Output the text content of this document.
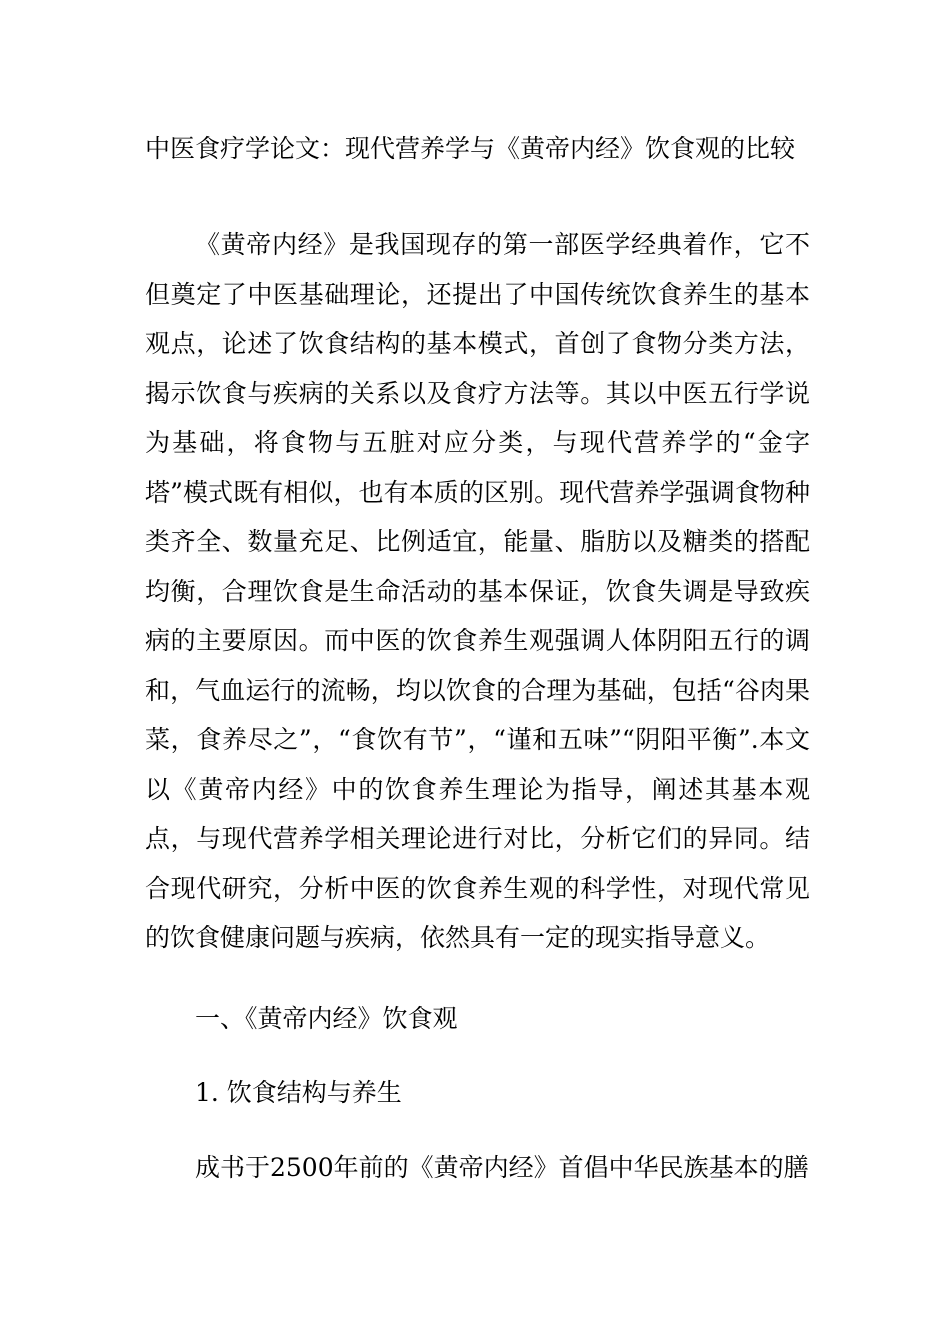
中医食疗学论文：现代营养学与《黄帝内经》饮食观的比较

《黄帝内经》是我国现存的第一部医学经典着作，它不但奠定了中医基础理论，还提出了中国传统饮食养生的基本观点，论述了饮食结构的基本模式，首创了食物分类方法，揭示饮食与疾病的关系以及食疗方法等。其以中医五行学说为基础，将食物与五脏对应分类，与现代营养学的“金字塔”模式既有相似，也有本质的区别。现代营养学强调食物种类齐全、数量充足、比例适宜，能量、脂肪以及糖类的搭配均衡，合理饮食是生命活动的基本保证，饮食失调是导致疾病的主要原因。而中医的饮食养生观强调人体阴阳五行的调和，气血运行的流畅，均以饮食的合理为基础，包括“谷肉果菜，食养尽之”，“食饮有节”，“谨和五味”“阴阳平衡”.本文以《黄帝内经》中的饮食养生理论为指导，阐述其基本观点，与现代营养学相关理论进行对比，分析它们的异同。结合现代研究，分析中医的饮食养生观的科学性，对现代常见的饮食健康问题与疾病，依然具有一定的现实指导意义。

一、《黄帝内经》饮食观
1. 饮食结构与养生

成书于2500年前的《黄帝内经》首倡中华民族基本的膳
